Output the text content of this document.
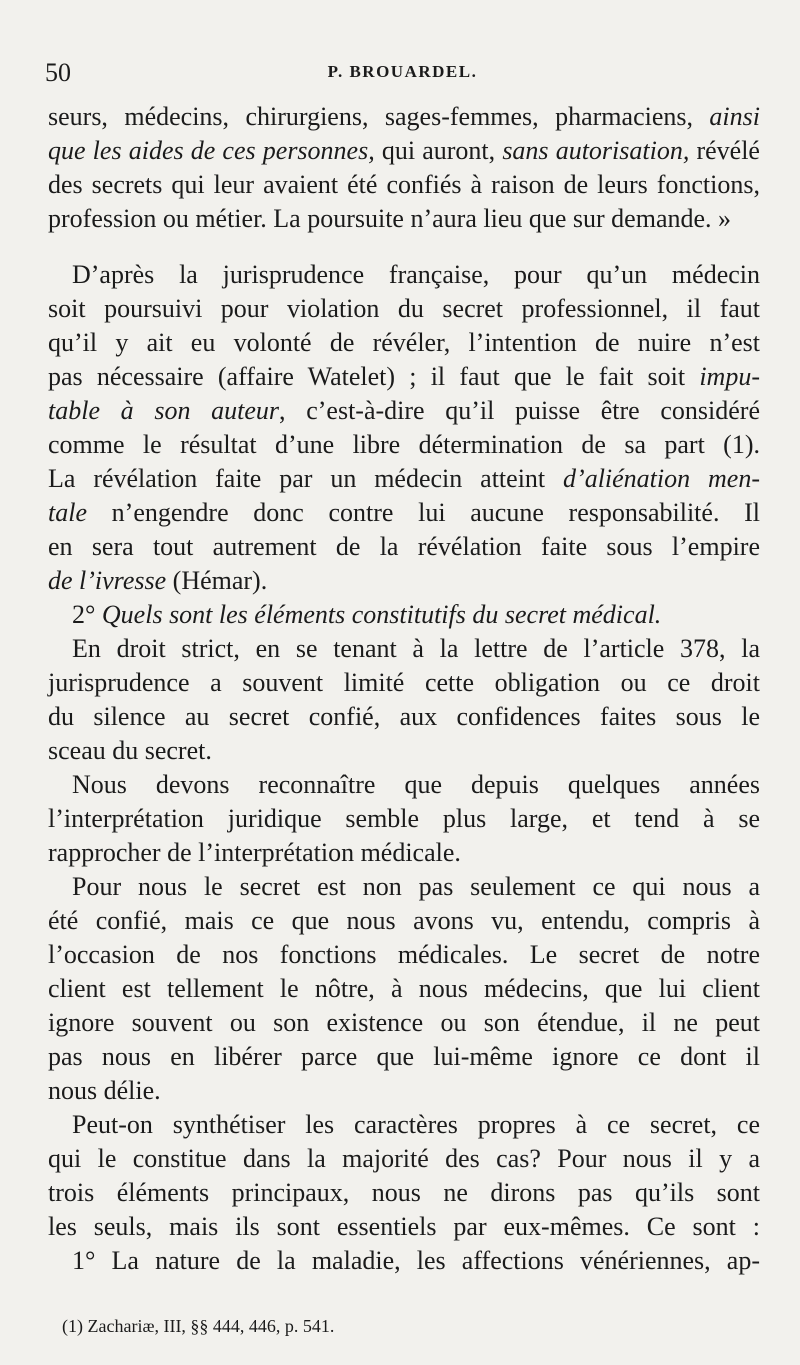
50	P. BROUARDEL.
seurs, médecins, chirurgiens, sages-femmes, pharmaciens, ainsi
que les aides de ces personnes, qui auront, sans autorisation, révélé
des secrets qui leur avaient été confiés à raison de leurs fonctions,
profession ou métier. La poursuite n’aura lieu que sur demande. »
D’après la jurisprudence française, pour qu’un médecin
soit poursuivi pour violation du secret professionnel, il faut
qu’il y ait eu volonté de révéler, l’intention de nuire n’est
pas nécessaire (affaire Watelet) ; il faut que le fait soit impu-
table à son auteur, c’est-à-dire qu’il puisse être considéré
comme le résultat d’une libre détermination de sa part (1).
La révélation faite par un médecin atteint d’aliénation men-
tale n’engendre donc contre lui aucune responsabilité. Il
en sera tout autrement de la révélation faite sous l’empire
de l’ivresse (Hémar).
2° Quels sont les éléments constitutifs du secret médical.
En droit strict, en se tenant à la lettre de l’article 378, la
jurisprudence a souvent limité cette obligation ou ce droit
du silence au secret confié, aux confidences faites sous le
sceau du secret.
Nous devons reconnaître que depuis quelques années
l’interprétation juridique semble plus large, et tend à se
rapprocher de l’interprétation médicale.
Pour nous le secret est non pas seulement ce qui nous a
été confié, mais ce que nous avons vu, entendu, compris à
l’occasion de nos fonctions médicales. Le secret de notre
client est tellement le nôtre, à nous médecins, que lui client
ignore souvent ou son existence ou son étendue, il ne peut
pas nous en libérer parce que lui-même ignore ce dont il
nous délie.
Peut-on synthétiser les caractères propres à ce secret, ce
qui le constitue dans la majorité des cas? Pour nous il y a
trois éléments principaux, nous ne dirons pas qu’ils sont
les seuls, mais ils sont essentiels par eux-mêmes. Ce sont :
1° La nature de la maladie, les affections vénériennes, ap-
(1) Zachariæ, III, §§ 444, 446, p. 541.
